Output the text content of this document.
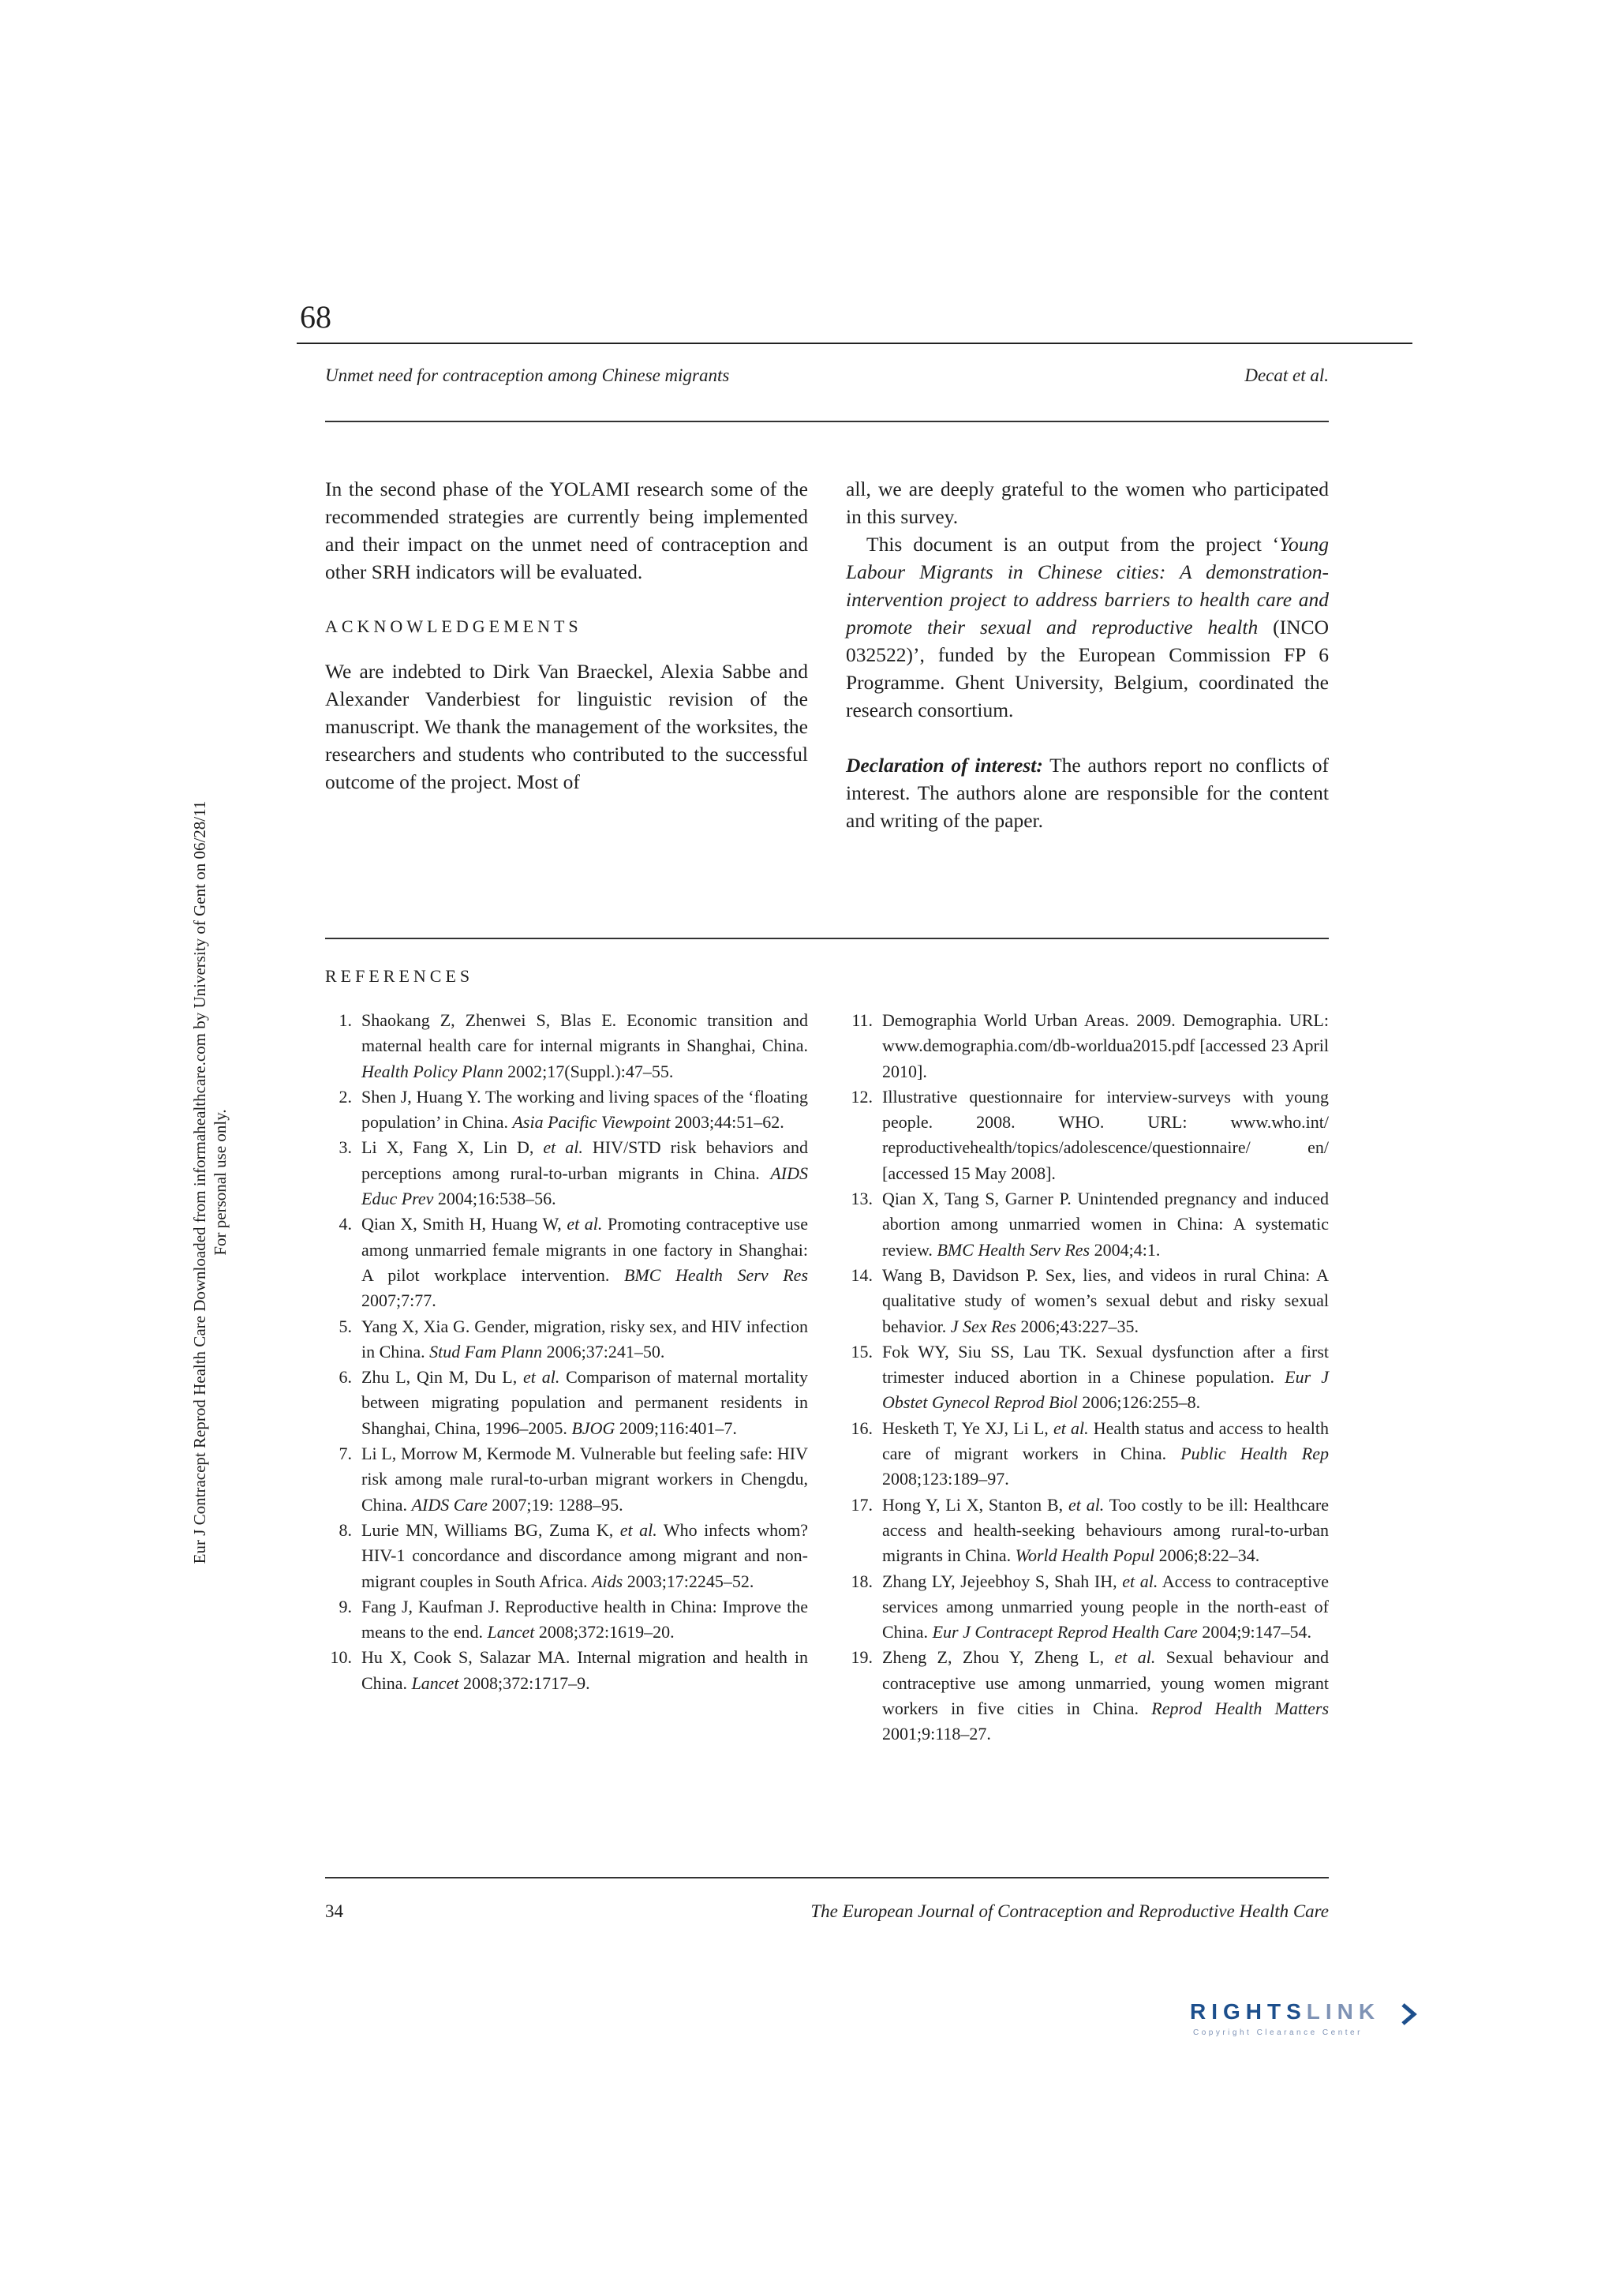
68
Unmet need for contraception among Chinese migrants	Decat et al.

In the second phase of the YOLAMI research some of the recommended strategies are currently being implemented and their impact on the unmet need of contraception and other SRH indicators will be evaluated.

ACKNOWLEDGEMENTS

We are indebted to Dirk Van Braeckel, Alexia Sabbe and Alexander Vanderbiest for linguistic revision of the manuscript. We thank the management of the worksites, the researchers and students who contributed to the successful outcome of the project. Most of

all, we are deeply grateful to the women who participated in this survey.

This document is an output from the project ‘Young Labour Migrants in Chinese cities: A demonstration-intervention project to address barriers to health care and promote their sexual and reproductive health (INCO 032522)’, funded by the European Commission FP 6 Programme. Ghent University, Belgium, coordinated the research consortium.

Declaration of interest: The authors report no conflicts of interest. The authors alone are responsible for the content and writing of the paper.

REFERENCES
1. Shaokang Z, Zhenwei S, Blas E. Economic transition and maternal health care for internal migrants in Shanghai, China. Health Policy Plann 2002;17(Suppl.):47–55.
2. Shen J, Huang Y. The working and living spaces of the ‘floating population’ in China. Asia Pacific Viewpoint 2003;44:51–62.
3. Li X, Fang X, Lin D, et al. HIV/STD risk behaviors and perceptions among rural-to-urban migrants in China. AIDS Educ Prev 2004;16:538–56.
4. Qian X, Smith H, Huang W, et al. Promoting contraceptive use among unmarried female migrants in one factory in Shanghai: A pilot workplace intervention. BMC Health Serv Res 2007;7:77.
5. Yang X, Xia G. Gender, migration, risky sex, and HIV infection in China. Stud Fam Plann 2006;37:241–50.
6. Zhu L, Qin M, Du L, et al. Comparison of maternal mortality between migrating population and permanent residents in Shanghai, China, 1996–2005. BJOG 2009;116:401–7.
7. Li L, Morrow M, Kermode M. Vulnerable but feeling safe: HIV risk among male rural-to-urban migrant workers in Chengdu, China. AIDS Care 2007;19: 1288–95.
8. Lurie MN, Williams BG, Zuma K, et al. Who infects whom? HIV-1 concordance and discordance among migrant and non-migrant couples in South Africa. Aids 2003;17:2245–52.
9. Fang J, Kaufman J. Reproductive health in China: Improve the means to the end. Lancet 2008;372:1619–20.
10. Hu X, Cook S, Salazar MA. Internal migration and health in China. Lancet 2008;372:1717–9.
11. Demographia World Urban Areas. 2009. Demographia. URL: www.demographia.com/db-worldua2015.pdf [accessed 23 April 2010].
12. Illustrative questionnaire for interview-surveys with young people. 2008. WHO. URL: www.who.int/ reproductivehealth/topics/adolescence/questionnaire/ en/ [accessed 15 May 2008].
13. Qian X, Tang S, Garner P. Unintended pregnancy and induced abortion among unmarried women in China: A systematic review. BMC Health Serv Res 2004;4:1.
14. Wang B, Davidson P. Sex, lies, and videos in rural China: A qualitative study of women’s sexual debut and risky sexual behavior. J Sex Res 2006;43:227–35.
15. Fok WY, Siu SS, Lau TK. Sexual dysfunction after a first trimester induced abortion in a Chinese population. Eur J Obstet Gynecol Reprod Biol 2006;126:255–8.
16. Hesketh T, Ye XJ, Li L, et al. Health status and access to health care of migrant workers in China. Public Health Rep 2008;123:189–97.
17. Hong Y, Li X, Stanton B, et al. Too costly to be ill: Healthcare access and health-seeking behaviours among rural-to-urban migrants in China. World Health Popul 2006;8:22–34.
18. Zhang LY, Jejeebhoy S, Shah IH, et al. Access to contraceptive services among unmarried young people in the north-east of China. Eur J Contracept Reprod Health Care 2004;9:147–54.
19. Zheng Z, Zhou Y, Zheng L, et al. Sexual behaviour and contraceptive use among unmarried, young women migrant workers in five cities in China. Reprod Health Matters 2001;9:118–27.
34	The European Journal of Contraception and Reproductive Health Care
Eur J Contracept Reprod Health Care Downloaded from informahealthcare.com by University of Gent on 06/28/11 For personal use only.
RIGHTSLINK
Copyright Clearance Center
